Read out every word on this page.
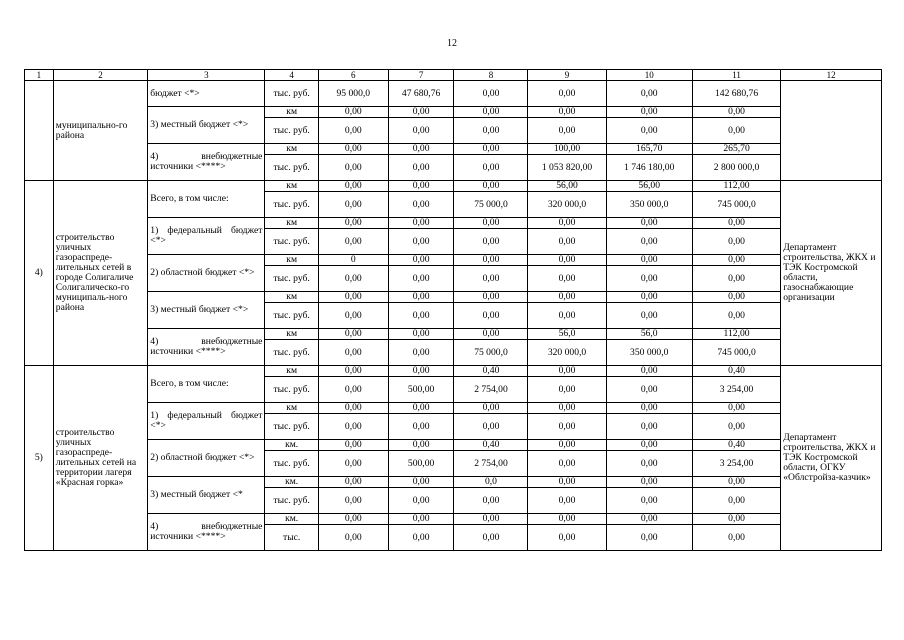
12
1	2	3	4	6	7	8	9	10	11	12
	муниципально-го района	бюджет <*>	тыс. руб.	95 000,0	47 680,76	0,00	0,00	0,00	142 680,76	
		3) местный бюджет <*>	км	0,00	0,00	0,00	0,00	0,00	0,00	
			тыс. руб.	0,00	0,00	0,00	0,00	0,00	0,00	
		4) внебюджетные источники <****>	км	0,00	0,00	0,00	100,00	165,70	265,70	
			тыс. руб.	0,00	0,00	0,00	1 053 820,00	1 746 180,00	2 800 000,0	
4)	строительство уличных газораспреде-лительных сетей в городе Солигаличе Солигалическо-го муниципаль-ного района	Всего, в том числе:	км	0,00	0,00	0,00	56,00	56,00	112,00	Департамент строительства, ЖКХ и ТЭК Костромской области, газоснабжающие организации
			тыс. руб.	0,00	0,00	75 000,0	320 000,0	350 000,0	745 000,0	
		1) федеральный бюджет <*>	км	0,00	0,00	0,00	0,00	0,00	0,00	
			тыс. руб.	0,00	0,00	0,00	0,00	0,00	0,00	
		2) областной бюджет <*>	км	0	0,00	0,00	0,00	0,00	0,00	
			тыс. руб.	0,00	0,00	0,00	0,00	0,00	0,00	
		3) местный бюджет <*>	км	0,00	0,00	0,00	0,00	0,00	0,00	
			тыс. руб.	0,00	0,00	0,00	0,00	0,00	0,00	
		4) внебюджетные источники <****>	км	0,00	0,00	0,00	56,0	56,0	112,00	
			тыс. руб.	0,00	0,00	75 000,0	320 000,0	350 000,0	745 000,0	
5)	строительство уличных газораспреде-лительных сетей на территории лагеря «Красная горка»	Всего, в том числе:	км	0,00	0,00	0,40	0,00	0,00	0,40	Департамент строительства, ЖКХ и ТЭК Костромской области, ОГКУ «Облстройза-казчик»
			тыс. руб.	0,00	500,00	2 754,00	0,00	0,00	3 254,00	
		1) федеральный бюджет <*>	км	0,00	0,00	0,00	0,00	0,00	0,00	
			тыс. руб.	0,00	0,00	0,00	0,00	0,00	0,00	
		2) областной бюджет <*>	км.	0,00	0,00	0,40	0,00	0,00	0,40	
			тыс. руб.	0,00	500,00	2 754,00	0,00	0,00	3 254,00	
		3) местный бюджет <*	км.	0,00	0,00	0,0	0,00	0,00	0,00	
			тыс. руб.	0,00	0,00	0,00	0,00	0,00	0,00	
		4) внебюджетные источники <****>	км.	0,00	0,00	0,00	0,00	0,00	0,00	
			тыс.	0,00	0,00	0,00	0,00	0,00	0,00	
